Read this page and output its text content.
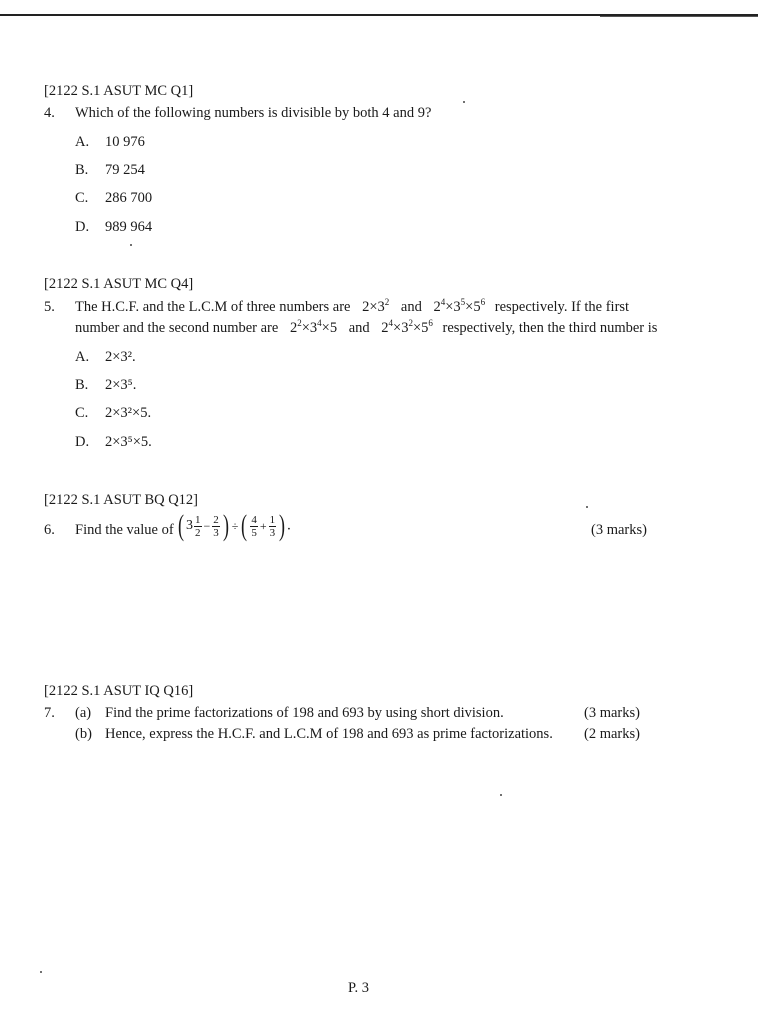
[2122 S.1 ASUT MC Q1]
4. Which of the following numbers is divisible by both 4 and 9?
A. 10 976
B. 79 254
C. 286 700
D. 989 964
[2122 S.1 ASUT MC Q4]
5. The H.C.F. and the L.C.M of three numbers are $2\times 3^2$ and $2^4\times 3^5\times 5^6$ respectively. If the first
number and the second number are $2^2\times 3^4\times 5$ and $2^4\times 3^2\times 5^6$ respectively, then the third number is
A. 2×3².
B. 2×3⁵.
C. 2×3²×5.
D. 2×3⁵×5.
[2122 S.1 ASUT BQ Q12]
6. Find the value of ( $3 \frac{1}{2} - \frac{2}{3}$ ) ÷ ( $\frac{4}{5} + \frac{1}{3}$ ) .	(3 marks)
[2122 S.1 ASUT IQ Q16]
7. (a) Find the prime factorizations of 198 and 693 by using short division.	(3 marks)
(b) Hence, express the H.C.F. and L.C.M of 198 and 693 as prime factorizations. (2 marks)
P. 3
